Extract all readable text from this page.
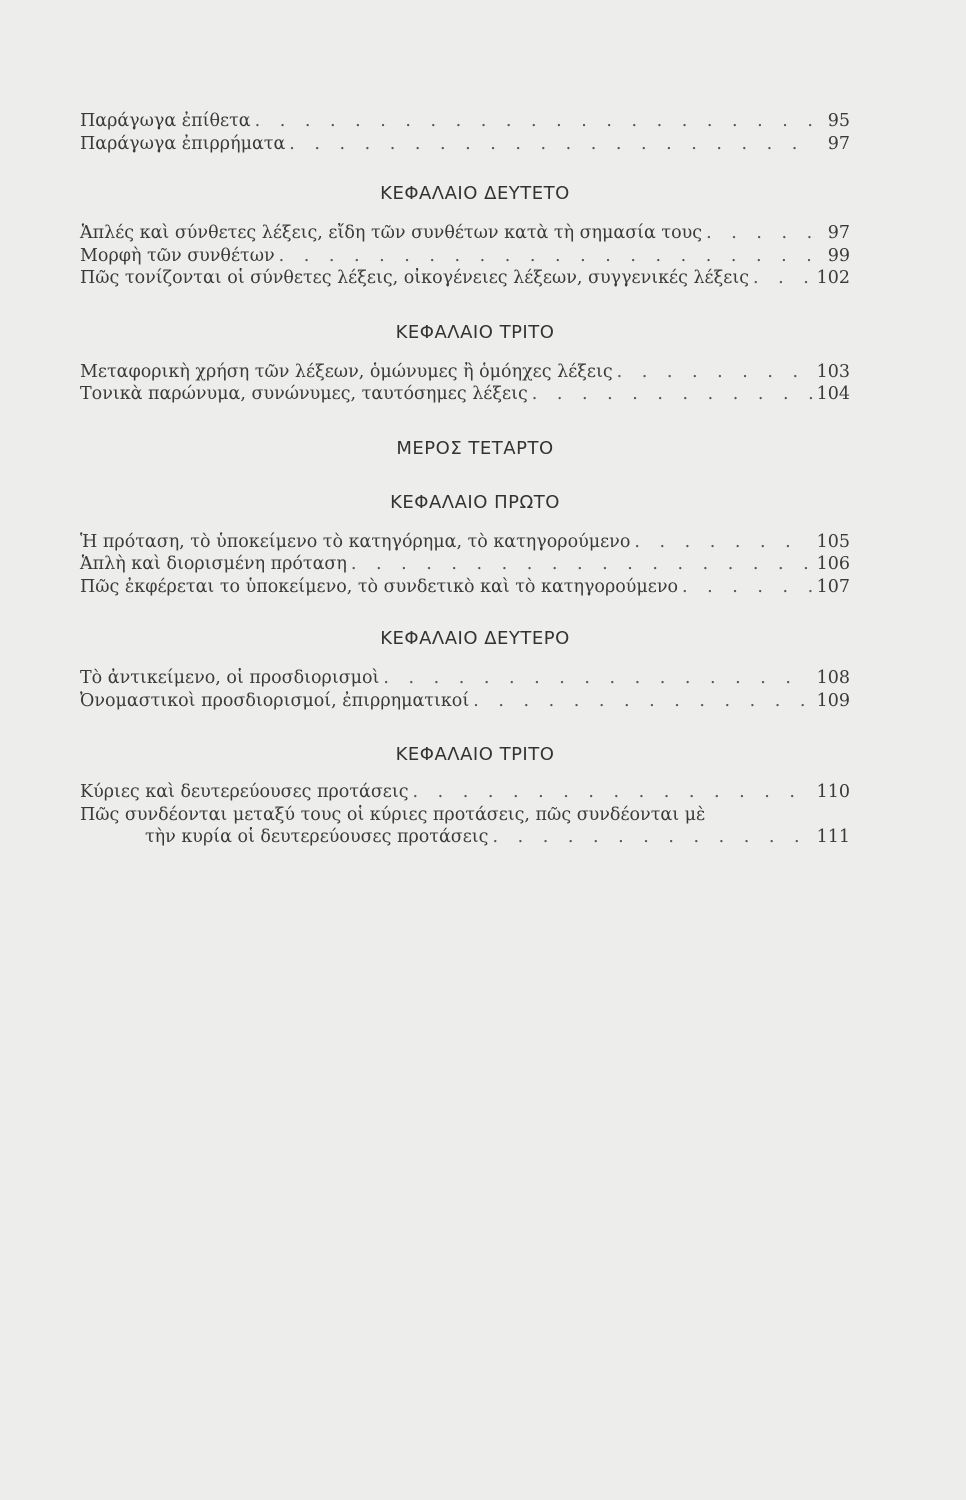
Παράγωγα ἐπίθετα . . .	95
Παράγωγα ἐπιρρήματα . . .	97
ΚΕΦΑΛΑΙΟ ΔΕΥΤΕΤΟ
Ἁπλές καὶ σύνθετες λέξεις, εἴδη τῶν συνθέτων κατὰ τὴ σημασία τους . . .	97
Μορφὴ τῶν συνθέτων . . .	99
Πῶς τονίζονται οἱ σύνθετες λέξεις, οἰκογένειες λέξεων, συγγενικές λέξεις . . .	102
ΚΕΦΑΛΑΙΟ ΤΡΙΤΟ
Μεταφορικὴ χρήση τῶν λέξεων, ὁμώνυμες ἢ ὁμόηχες λέξεις . . .	103
Τονικὰ παρώνυμα, συνώνυμες, ταυτόσημες λέξεις . . .	104
ΜΕΡΟΣ ΤΕΤΑΡΤΟ
ΚΕΦΑΛΑΙΟ ΠΡΩΤΟ
Ἡ πρόταση, τὸ ὑποκείμενο τὸ κατηγόρημα, τὸ κατηγορούμενο . . .	105
Ἁπλὴ καὶ διορισμένη πρόταση . . .	106
Πῶς ἐκφέρεται το ὑποκείμενο, τὸ συνδετικὸ καὶ τὸ κατηγορούμενο . . .	107
ΚΕΦΑΛΑΙΟ ΔΕΥΤΕΡΟ
Τὸ ἀντικείμενο, οἱ προσδιορισμοὶ . . .	108
Ὀνομαστικοὶ προσδιορισμοί, ἐπιρρηματικοί . . .	109
ΚΕΦΑΛΑΙΟ ΤΡΙΤΟ
Κύριες καὶ δευτερεύουσες προτάσεις . . .	110
Πῶς συνδέονται μεταξύ τους οἱ κύριες προτάσεις, πῶς συνδέονται μὲ
τὴν κυρία οἱ δευτερεύουσες προτάσεις . . .	111
